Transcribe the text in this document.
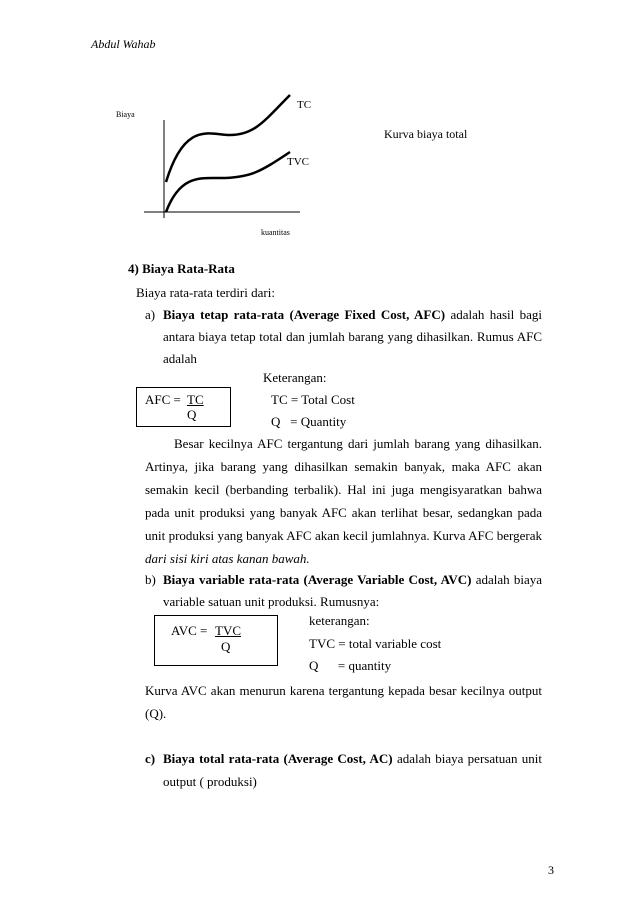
Abdul Wahab
Biaya
kuantitas
TC
TVC
Kurva biaya total
4) Biaya Rata-Rata
Biaya rata-rata terdiri dari:
a) Biaya tetap rata-rata (Average Fixed Cost, AFC) adalah hasil bagi
antara biaya tetap total dan jumlah barang yang dihasilkan. Rumus AFC
adalah
AFC = TC
Q
Keterangan:
TC = Total Cost
Q   = Quantity
Besar kecilnya AFC tergantung dari jumlah barang yang dihasilkan.
Artinya, jika barang yang dihasilkan semakin banyak, maka AFC akan
semakin kecil (berbanding terbalik). Hal ini juga mengisyaratkan bahwa
pada unit produksi yang banyak AFC akan terlihat besar, sedangkan pada
unit produksi yang banyak AFC akan kecil jumlahnya. Kurva AFC bergerak
dari sisi kiri atas kanan bawah.
b) Biaya variable rata-rata (Average Variable Cost, AVC) adalah biaya
variable satuan unit produksi. Rumusnya:
AVC = TVC
Q
keterangan:
TVC = total variable cost
Q      = quantity
Kurva AVC akan menurun karena tergantung kepada besar kecilnya output
(Q).
c) Biaya total rata-rata (Average Cost, AC) adalah biaya persatuan unit
output ( produksi)
3
